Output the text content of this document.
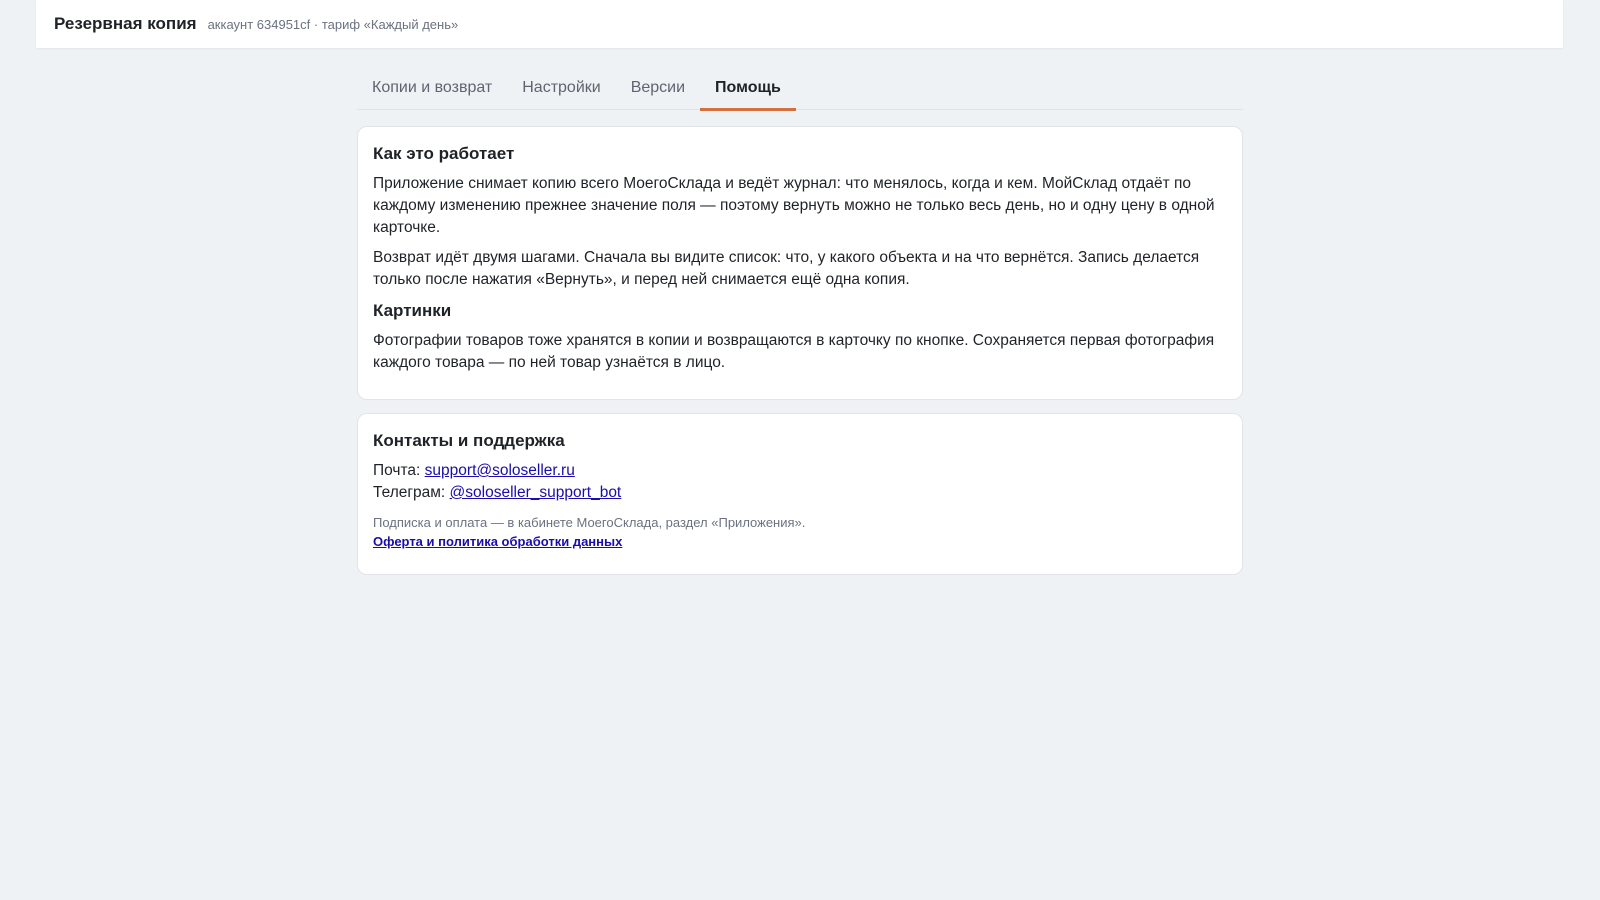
Резервная копия аккаунт 634951cf · тариф «Каждый день»
Копии и возврат	Настройки	Версии	Помощь
Как это работает

Приложение снимает копию всего МоегоСклада и ведёт журнал: что менялось, когда и кем. МойСклад отдаёт по каждому изменению прежнее значение поля — поэтому вернуть можно не только весь день, но и одну цену в одной карточке.

Возврат идёт двумя шагами. Сначала вы видите список: что, у какого объекта и на что вернётся. Запись делается только после нажатия «Вернуть», и перед ней снимается ещё одна копия.

Картинки

Фотографии товаров тоже хранятся в копии и возвращаются в карточку по кнопке. Сохраняется первая фотография каждого товара — по ней товар узнаётся в лицо.

Контакты и поддержка
Почта: support@soloseller.ru
Телеграм: @soloseller_support_bot
Подписка и оплата — в кабинете МоегоСклада, раздел «Приложения».
Оферта и политика обработки данных
